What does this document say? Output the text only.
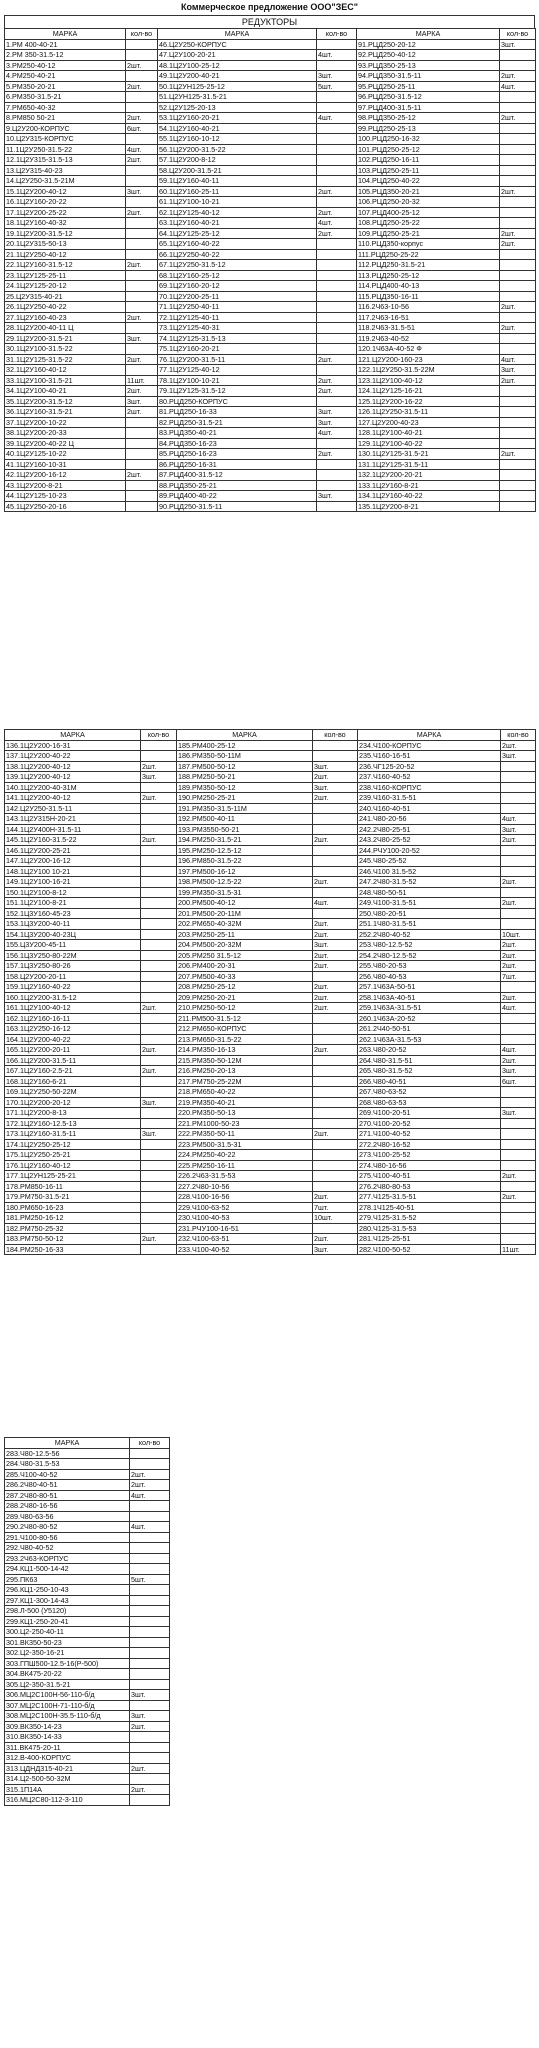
Коммерческое предложение ООО"ЗЕС"
РЕДУКТОРЫ
МАРКА	кол-во	МАРКА	кол-во	МАРКА	кол-во
1.РМ 400-40-21		46.Ц2У250-КОРПУС		91.РЦД250-20-12	3шт.
2.РМ 350-31.5-12		47.Ц2У100-20-21	4шт.	92.РЦД250-40-12	
3.РМ250-40-12	2шт.	48.1Ц2У100-25-12		93.РЦД350-25-13	
4.РМ250-40-21		49.1Ц2У200-40-21	3шт.	94.РЦД350-31.5-11	2шт.
5.РМ350-20-21	2шт.	50.1Ц2УН125-25-12	5шт.	95.РЦД250-25-11	4шт.
6.РМ350-31.5-21		51.Ц2УН125-31.5-21		96.РЦД250-31.5-12	
7.РМ650-40-32		52.Ц2У125-20-13		97.РЦД400-31.5-11	
8.РМ850 50-21	2шт.	53.1Ц2У160-20-21	4шт.	98.РЦД350-25-12	2шт.
9.Ц2У200-КОРПУС	6шт.	54.1Ц2У160-40-21		99.РЦД250-25-13	
10.Ц2У315-КОРПУС		55.1Ц2У160-10-12		100.РЦД250-16-32	
11.1Ц2У250-31.5-22	4шт.	56.1Ц2У200-31.5-22		101.РЦД250-25-12	
12.1Ц2У315-31.5-13	2шт.	57.1Ц2У200-8-12		102.РЦД250-16-11	
13.Ц2У315-40-23		58.Ц2У200-31.5-21		103.РЦД250-25-11	
14.Ц2У250-31.5-21М		59.1Ц2У160-40-11		104.РЦД250-40-22	
15.1Ц2У200-40-12	3шт.	60.1Ц2У160-25-11	2шт.	105.РЦД350-20-21	2шт.
16.1Ц2У160-20-22		61.1Ц2У100-10-21		106.РЦД250-20-32	
17.1Ц2У200-25-22	2шт.	62.1Ц2У125-40-12	2шт.	107.РЦД400-25-12	
18.1Ц2У160-40-32		63.1Ц2У160-40-21	4шт.	108.РЦД250-25-22	
19.1Ц2У200-31.5-12		64.1Ц2У125-25-12	2шт.	109.РЦД250-25-21	2шт.
20.1Ц2У315-50-13		65.1Ц2У160-40-22		110.РЦД350-корпус	2шт.
21.1Ц2У250-40-12		66.1Ц2У250-40-22		111.РЦД250-25-22	
22.1Ц2У160-31.5-12	2шт.	67.1Ц2У250-31.5-12		112.РЦД250-31.5-21	
23.1Ц2У125-25-11		68.1Ц2У160-25-12		113.РЦД250-25-12	
24.1Ц2У125-20-12		69.1Ц2У160-20-12		114.РЦД400-40-13	
25.Ц2У315-40-21		70.1Ц2У200-25-11		115.РЦД350-16-11	
26.1Ц2У250-40-22		71.1Ц2У250-40-11		116.2Ч63-10-56	2шт.
27.1Ц2У160-40-23	2шт.	72.1Ц2У125-40-11		117.2Ч63-16-51	
28.1Ц2У200-40-11 Ц		73.1Ц2У125-40-31		118.2Ч63-31.5-51	2шт.
29.1Ц2У200-31.5-21	3шт.	74.1Ц2У125-31.5-13		119.2Ч63-40-52	
30.1Ц2У100-31.5-22		75.1Ц2У160-20-21		120.1Ч63А-40-52 Ф	
31.1Ц2У125-31.5-22	2шт.	76.1Ц2У200-31.5-11	2шт.	121.Ц2У200-160-23	4шт.
32.1Ц2У160-40-12		77.1Ц2У125-40-12		122.1Ц2У250-31.5-22М	3шт.
33.1Ц2У100-31.5-21	11шт.	78.1Ц2У100-10-21	2шт.	123.1Ц2У100-40-12	2шт.
34.1Ц2У100-40-21	2шт.	79.1Ц2У125-31.5-12	2шт.	124.1Ц2У125-16-21	
35.1Ц2У200-31.5-12	3шт.	80.РЦД250-КОРПУС		125.1Ц2У200-16-22	
36.1Ц2У160-31.5-21	2шт.	81.РЦД250-16-33	3шт.	126.1Ц2У250-31.5-11	
37.1Ц2У200-10-22		82.РЦД250-31.5-21	3шт.	127.Ц2У200-40-23	
38.1Ц2У200-20-33		83.РЦД350-40-21	4шт.	128.1Ц2У100-40-21	
39.1Ц2У200-40-22 Ц		84.РЦД350-16-23		129.1Ц2У100-40-22	
40.1Ц2У125-10-22		85.РЦД250-16-23	2шт.	130.1Ц2У125-31.5-21	2шт.
41.1Ц2У160-10-31		86.РЦД250-16-31		131.1Ц2У125-31.5-11	
42.1Ц2У200-16-12	2шт.	87.РЦД400-31.5-12		132.1Ц2У200-20-21	
43.1Ц2У200-8-21		88.РЦД350-25-21		133.1Ц2У160-8-21	
44.1Ц2У125-10-23		89.РЦД400-40-22	3шт.	134.1Ц2У160-40-22	
45.1Ц2У250-20-16		90.РЦД250-31.5-11		135.1Ц2У200-8-21	
МАРКА	кол-во	МАРКА	кол-во	МАРКА	кол-во
136.1Ц2У200-16-31		185.РМ400-25-12		234.Ч100-КОРПУС	2шт.
137.1Ц2У200-40-22		186.РМ350-50-11М		235.Ч160-16-51	3шт.
138.1Ц2У200-40-12	2шт.	187.РМ500-50-12	3шт.	236.ЧГ125-20-52	
139.1Ц2У200-40-12	3шт.	188.РМ250-50-21	2шт.	237.Ч160-40-52	
140.1Ц2У200-40-31М		189.РМ350-50-12	3шт.	238.Ч160-КОРПУС	
141.1Ц2У200-40-12	2шт.	190.РМ250-25-21	2шт.	239.Ч160-31.5-51	
142.Ц2У250-31.5-11		191.РМ350-31.5-11М		240.Ч160-40-51	
143.1Ц2У315Н-20-21		192.РМ500-40-11		241.Ч80-20-56	4шт.
144.1Ц2У400Н-31.5-11		193.РМ3550-50-21		242.2Ч80-25-51	3шт.
145.1Ц2У160-31.5-22	2шт.	194.РМ250-31.5-21	2шт.	243.2Ч80-25-52	2шт.
146.1Ц2У200-25-21		195.РМ250-12.5-12		244.РЧУ100-20-52	
147.1Ц2У200-16-12		196.РМ850-31.5-22		245.Ч80-25-52	
148.1Ц2У100 10-21		197.РМ500-16-12		246.Ч100 31.5-52	
149.1Ц2У100-16-21		198.РМ500-12.5-22	2шт.	247.2Ч80-31.5-52	2шт.
150.1Ц2У100-8-12		199.РМ350-31.5-31		248.Ч80-50-51	
151.1Ц2У100-8-21		200.РМ500-40-12	4шт.	249.Ч100-31.5-51	2шт.
152.1Ц3У160-45-23		201.РМ500-20-11М		250.Ч80-20-51	
153.1Ц3У200-40-11		202.РМ650-40-32М	2шт.	251.1Ч80-31.5-51	
154.1Ц3У200-40-23Ц		203.РМ250-25-11	2шт.	252.2Ч80-40-52	10шт.
155.Ц3У200-45-11		204.РМ500-20-32М	3шт.	253.Ч80-12.5-52	2шт.
156.1Ц3У250-80-22М		205.РМ250 31.5-12	2шт.	254.2Ч80-12.5-52	2шт.
157.1Ц3У250-80-26		206.РМ400-20-31	2шт.	255.Ч80-20-53	2шт.
158.Ц2У200-20-11		207.РМ500-40-33		256.Ч80-40-53	7шт.
159.1Ц2У160-40-22		208.РМ250-25-12	2шт.	257.1Ч63А-50-51	
160.1Ц2У200-31.5-12		209.РМ250-20-21	2шт.	258.1Ч63А-40-51	2шт.
161.1Ц2У100-40-12	2шт.	210.РМ250-50-12	2шт.	259.1Ч63А-31.5-51	4шт.
162.1Ц2У160-16-11		211.РМ500-31.5-12		260.1Ч63А-20-52	
163.1Ц2У250-16-12		212.РМ650-КОРПУС		261.2Ч40-50-51	
164.1Ц2У200-40-22		213.РМ650-31.5-22		262.1Ч63А-31.5-53	
165.1Ц2У200-20-11	2шт.	214.РМ350-16-13	2шт.	263.Ч80-20-52	4шт.
166.1Ц2У200-31.5-11		215.РМ350-50-12М		264.Ч80-31.5-51	2шт.
167.1Ц2У160-2.5-21	2шт.	216.РМ250-20-13		265.Ч80-31.5-52	3шт.
168.1Ц2У160-6-21		217.РМ750-25-22М		266.Ч80-40-51	6шт.
169.1Ц2У250-50-22М		218.РМ650-40-22		267.Ч80-63-52	
170.1Ц2У200-20-12	3шт.	219.РМ350-40-21		268.Ч80-63-53	
171.1Ц2У200-8-13		220.РМ350-50-13		269.Ч100-20-51	3шт.
172.1Ц2У160-12.5-13		221.РМ1000-50-23		270.Ч100-20-52	
173.1Ц2У160-31.5-11	3шт.	222.РМ350-50-11	2шт.	271.Ч100-40-52	
174.1Ц2У250-25-12		223.РМ500-31.5-31		272.2Ч80-16-52	
175.1Ц2У250-25-21		224.РМ250-40-22		273.Ч100-25-52	
176.1Ц2У160-40-12		225.РМ250-16-11		274.Ч80-16-56	
177.1Ц2УН125-25-21		226.2Ч63-31.5-53		275.Ч100-40-51	2шт.
178.РМ850-16-11		227.2Ч80-10-56		276.2Ч80-80-53	
179.РМ750-31.5-21		228.Ч100-16-56	2шт.	277.Ч125-31.5-51	2шт.
180.РМ650-16-23		229.Ч100-63-52	7шт.	278.1Ч125-40-51	
181.РМ250-16-12		230.Ч100-40-53	10шт.	279.Ч125-31.5-52	
182.РМ750-25-32		231.РЧУ100-16-51		280.Ч125-31.5-53	
183.РМ750-50-12	2шт.	232.Ч100-63-51	2шт.	281.Ч125-25-51	
184.РМ250-16-33		233.Ч100-40-52	3шт.	282.Ч100-50-52	11шт.
МАРКА	кол-во
283.Ч80-12.5-56	
284.Ч80-31.5-53	
285.Ч100-40-52	2шт.
286.2Ч80-40-51	2шт.
287.2Ч80-80-51	4шт.
288.2Ч80-16-56	
289.Ч80-63-56	
290.2Ч80-80-52	4шт.
291.Ч100-80-56	
292.Ч80-40-52	
293.2Ч63-КОРПУС	
294.КЦ1-500-14-42	
295.ПК63	5шт.
296.КЦ1-250-10-43	
297.КЦ1-300-14-43	
298.Л-500 (У5120)	
299.КЦ1-250-20-41	
300.Ц2-250-40-11	
301.ВК350-50-23	
302.Ц2-350-16-21	
303.ГПШ500-12.5-16(Р-500)	
304.ВК475-20-22	
305.Ц2-350-31.5-21	
306.МЦ2С100Н-56-110-б/д	3шт.
307.МЦ2С100Н-71-110-б/д	
308.МЦ2С100Н-35.5-110-б/д	3шт.
309.ВК350-14-23	2шт.
310.ВК350-14-33	
311.ВК475-20-11	
312.В-400-КОРПУС	
313.ЦДНД315-40-21	2шт.
314.Ц2-500-50-32М	
315.1П14А	2шт.
316.МЦ2С80-112-3-110	
